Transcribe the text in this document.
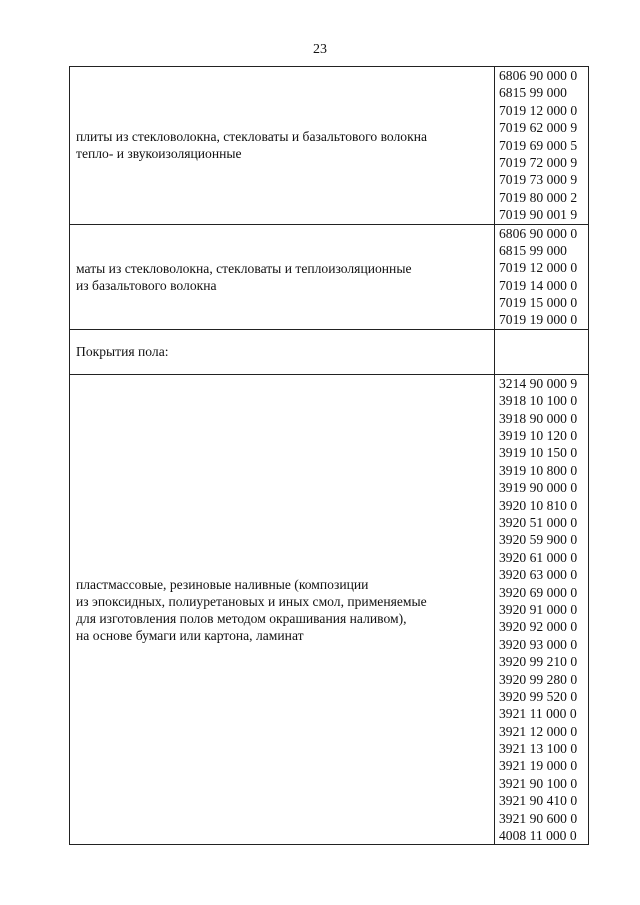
23
плиты из стекловолокна, стекловаты и базальтового волокна
тепло- и звукоизоляционные
6806 90 000 0
6815 99 000
7019 12 000 0
7019 62 000 9
7019 69 000 5
7019 72 000 9
7019 73 000 9
7019 80 000 2
7019 90 001 9
маты из стекловолокна, стекловаты и теплоизоляционные
из базальтового волокна
6806 90 000 0
6815 99 000
7019 12 000 0
7019 14 000 0
7019 15 000 0
7019 19 000 0
Покрытия пола:
пластмассовые, резиновые наливные (композиции
из эпоксидных, полиуретановых и иных смол, применяемые
для изготовления полов методом окрашивания наливом),
на основе бумаги или картона, ламинат
3214 90 000 9
3918 10 100 0
3918 90 000 0
3919 10 120 0
3919 10 150 0
3919 10 800 0
3919 90 000 0
3920 10 810 0
3920 51 000 0
3920 59 900 0
3920 61 000 0
3920 63 000 0
3920 69 000 0
3920 91 000 0
3920 92 000 0
3920 93 000 0
3920 99 210 0
3920 99 280 0
3920 99 520 0
3921 11 000 0
3921 12 000 0
3921 13 100 0
3921 19 000 0
3921 90 100 0
3921 90 410 0
3921 90 600 0
4008 11 000 0
